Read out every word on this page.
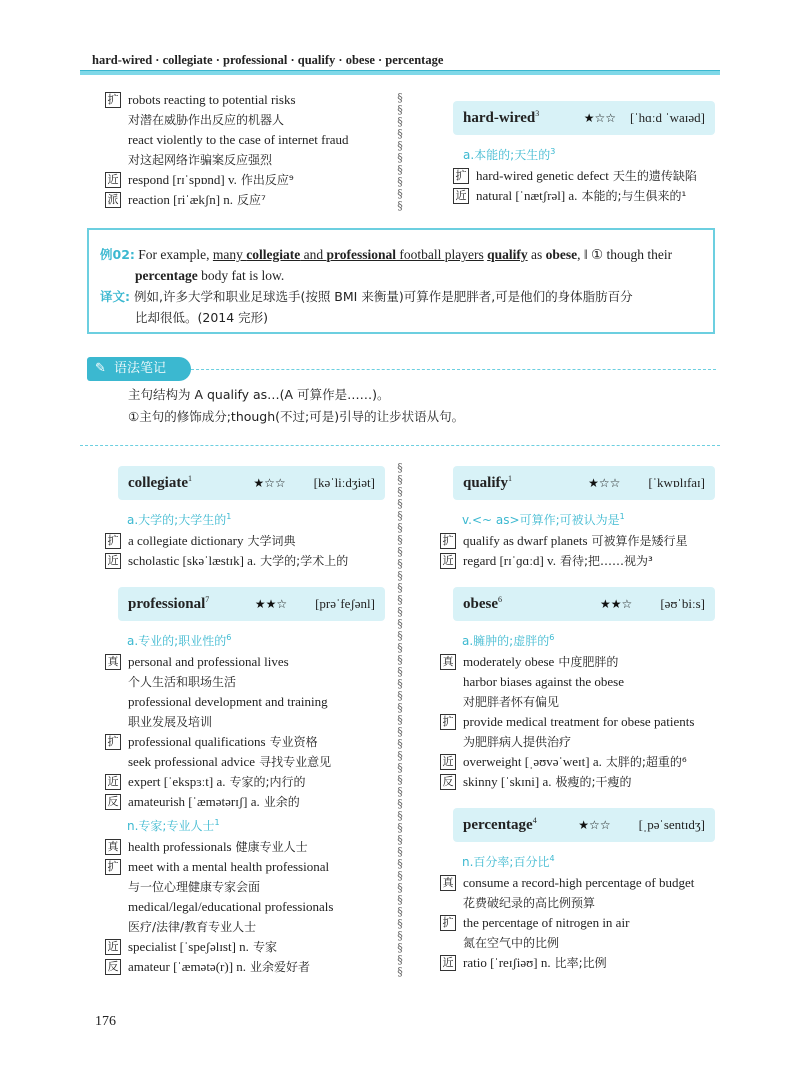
hard-wired · collegiate · professional · qualify · obese · percentage
扩 robots reacting to potential risks
对潜在威胁作出反应的机器人
react violently to the case of internet fraud
对这起网络诈骗案反应强烈
近 respond [rɪˈspɒnd] v. 作出反应⁹
派 reaction [riˈækʃn] n. 反应⁷
§
§
§
§
§
§
§
§
§
§
hard-wired$^3$	★☆☆ [ˈhɑːd ˈwaɪəd]
a.本能的;天生的$^3$
扩 hard-wired genetic defect 天生的遗传缺陷
近 natural [ˈnætʃrəl] a. 本能的;与生俱来的¹
例02: For example, many collegiate and professional football players qualify as obese, ‖ ① though their
percentage body fat is low.
译文: 例如,许多大学和职业足球选手(按照 BMI 来衡量)可算作是肥胖者,可是他们的身体脂肪百分
比却很低。(2014 完形)
✎ 语法笔记
主句结构为 A qualify as…(A 可算作是……)。
①主句的修饰成分;though(不过;可是)引导的让步状语从句。
§
§
§
§
§
§
§
§
§
§
§
§
§
§
§
§
§
§
§
§
§
§
§
§
§
§
§
§
§
§
§
§
§
§
§
§
§
§
§
§
§
§
§
collegiate$^1$	★☆☆ [kəˈliːdʒiət]
a.大学的;大学生的$^1$
扩 a collegiate dictionary 大学词典
近 scholastic [skəˈlæstɪk] a. 大学的;学术上的
professional$^7$	★★☆ [prəˈfeʃənl]
a.专业的;职业性的$^6$
真 personal and professional lives
个人生活和职场生活
professional development and training
职业发展及培训
扩 professional qualifications 专业资格
seek professional advice 寻找专业意见
近 expert [ˈekspɜːt] a. 专家的;内行的
反 amateurish [ˈæmətərɪʃ] a. 业余的
n.专家;专业人士$^1$
真 health professionals 健康专业人士
扩 meet with a mental health professional
与一位心理健康专家会面
medical/legal/educational professionals
医疗/法律/教育专业人士
近 specialist [ˈspeʃəlɪst] n. 专家
反 amateur [ˈæmətə(r)] n. 业余爱好者
qualify$^1$	★☆☆ [ˈkwɒlɪfaɪ]
v.<~ as>可算作;可被认为是$^1$
扩 qualify as dwarf planets 可被算作是矮行星
近 regard [rɪˈɡɑːd] v. 看待;把……视为³
obese$^6$	★★☆ [əʊˈbiːs]
a.臃肿的;虚胖的$^6$
真 moderately obese 中度肥胖的
harbor biases against the obese
对肥胖者怀有偏见
扩 provide medical treatment for obese patients
为肥胖病人提供治疗
近 overweight [ˌəʊvəˈweɪt] a. 太胖的;超重的⁶
反 skinny [ˈskɪni] a. 极瘦的;干瘦的
percentage$^4$	★☆☆ [ˌpəˈsentɪdʒ]
n.百分率;百分比$^4$
真 consume a record-high percentage of budget
花费破纪录的高比例预算
扩 the percentage of nitrogen in air
氮在空气中的比例
近 ratio [ˈreɪʃiəʊ] n. 比率;比例
176
